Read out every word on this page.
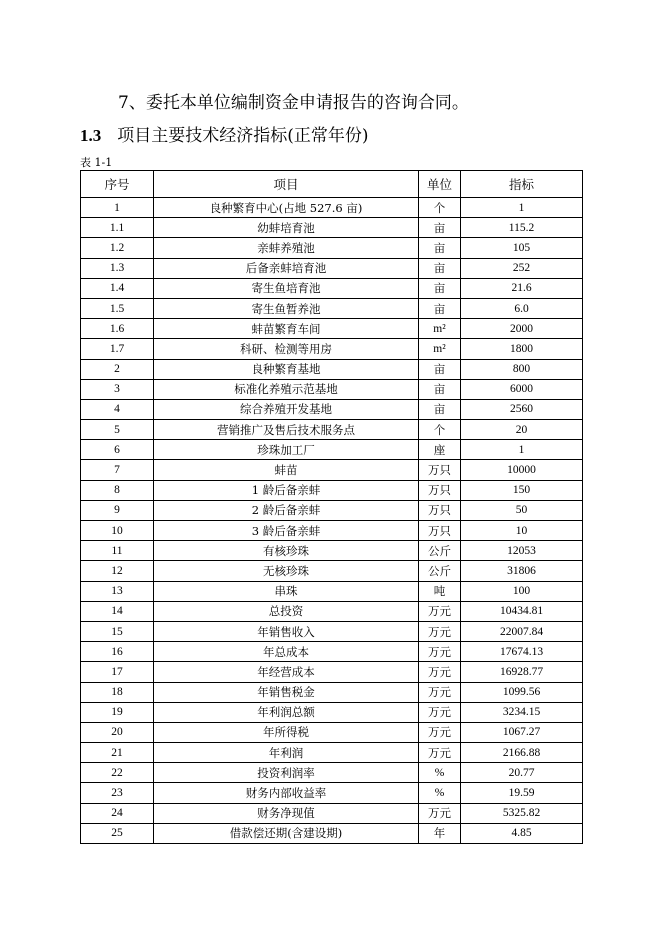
7、委托本单位编制资金申请报告的咨询合同。
1.3 项目主要技术经济指标(正常年份)
表 1-1
序号	项目	单位	指标
1	良种繁育中心(占地 527.6 亩)	个	1
1.1	幼蚌培育池	亩	115.2
1.2	亲蚌养殖池	亩	105
1.3	后备亲蚌培育池	亩	252
1.4	寄生鱼培育池	亩	21.6
1.5	寄生鱼暂养池	亩	6.0
1.6	蚌苗繁育车间	m²	2000
1.7	科研、检测等用房	m²	1800
2	良种繁育基地	亩	800
3	标准化养殖示范基地	亩	6000
4	综合养殖开发基地	亩	2560
5	营销推广及售后技术服务点	个	20
6	珍珠加工厂	座	1
7	蚌苗	万只	10000
8	1 龄后备亲蚌	万只	150
9	2 龄后备亲蚌	万只	50
10	3 龄后备亲蚌	万只	10
11	有核珍珠	公斤	12053
12	无核珍珠	公斤	31806
13	串珠	吨	100
14	总投资	万元	10434.81
15	年销售收入	万元	22007.84
16	年总成本	万元	17674.13
17	年经营成本	万元	16928.77
18	年销售税金	万元	1099.56
19	年利润总额	万元	3234.15
20	年所得税	万元	1067.27
21	年利润	万元	2166.88
22	投资利润率	%	20.77
23	财务内部收益率	%	19.59
24	财务净现值	万元	5325.82
25	借款偿还期(含建设期)	年	4.85
